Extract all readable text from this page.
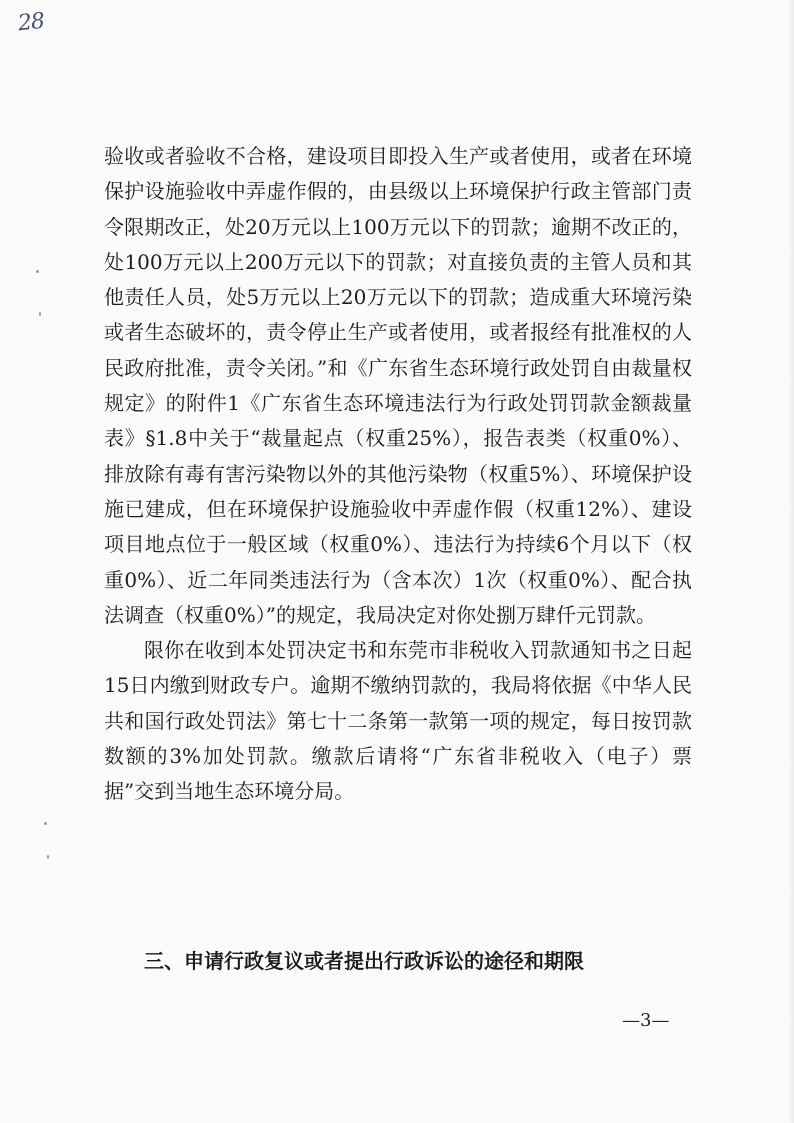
28

验收或者验收不合格，建设项目即投入生产或者使用，或者在环境保护设施验收中弄虚作假的，由县级以上环境保护行政主管部门责令限期改正，处20万元以上100万元以下的罚款；逾期不改正的，处100万元以上200万元以下的罚款；对直接负责的主管人员和其他责任人员，处5万元以上20万元以下的罚款；造成重大环境污染或者生态破坏的，责令停止生产或者使用，或者报经有批准权的人民政府批准，责令关闭。”和《广东省生态环境行政处罚自由裁量权规定》的附件1《广东省生态环境违法行为行政处罚罚款金额裁量表》§1.8中关于“裁量起点（权重25%），报告表类（权重0%）、排放除有毒有害污染物以外的其他污染物（权重5%）、环境保护设施已建成，但在环境保护设施验收中弄虚作假（权重12%）、建设项目地点位于一般区域（权重0%）、违法行为持续6个月以下（权重0%）、近二年同类违法行为（含本次）1次（权重0%）、配合执法调查（权重0%）”的规定，我局决定对你处捌万肆仟元罚款。

限你在收到本处罚决定书和东莞市非税收入罚款通知书之日起15日内缴到财政专户。逾期不缴纳罚款的，我局将依据《中华人民共和国行政处罚法》第七十二条第一款第一项的规定，每日按罚款数额的3%加处罚款。缴款后请将“广东省非税收入（电子）票据”交到当地生态环境分局。

三、申请行政复议或者提出行政诉讼的途径和期限
—3—
